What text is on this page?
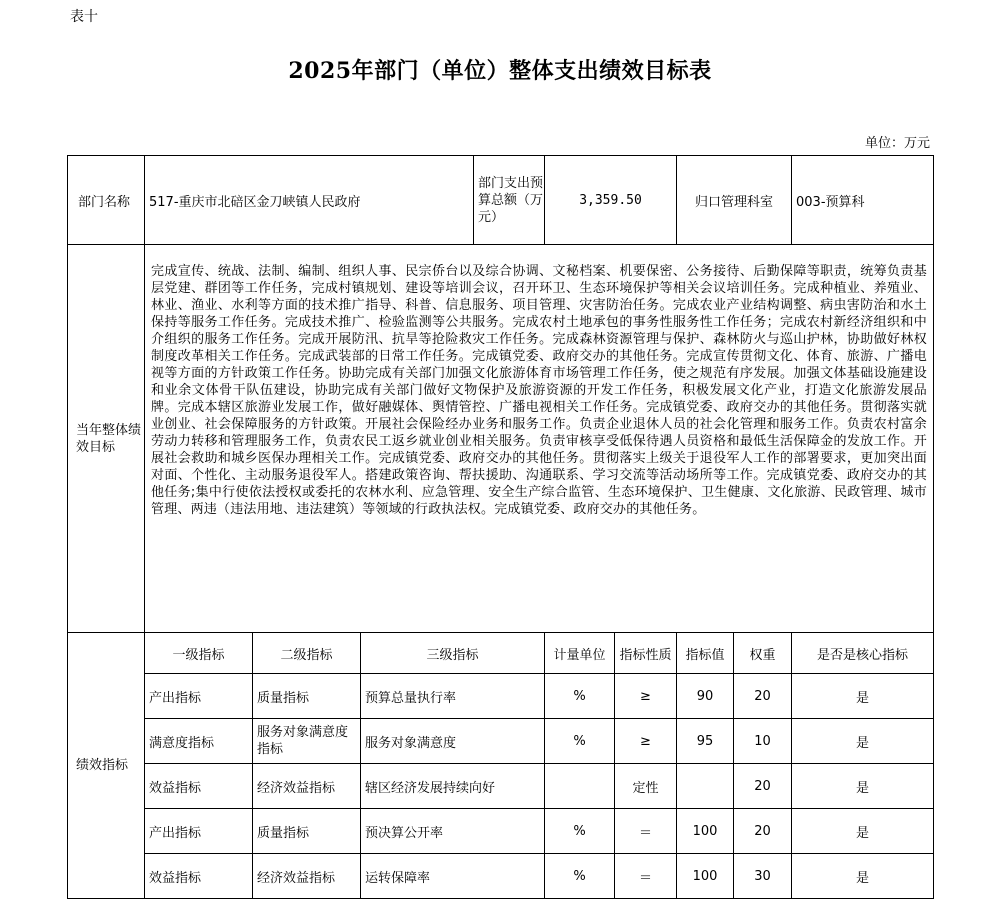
表十
2025年部门（单位）整体支出绩效目标表
单位：万元
部门名称	517-重庆市北碚区金刀峡镇人民政府			部门支出预算总额（万元）	3,359.50		归口管理科室		003-预算科
当年整体绩效目标	完成宣传、统战、法制、编制、组织人事、民宗侨台以及综合协调、文秘档案、机要保密、公务接待、后勤保障等职责，统筹负责基层党建、群团等工作任务，完成村镇规划、建设等培训会议，召开环卫、生态环境保护等相关会议培训任务。完成种植业、养殖业、林业、渔业、水利等方面的技术推广指导、科普、信息服务、项目管理、灾害防治任务。完成农业产业结构调整、病虫害防治和水土保持等服务工作任务。完成技术推广、检验监测等公共服务。完成农村土地承包的事务性服务性工作任务；完成农村新经济组织和中介组织的服务工作任务。完成开展防汛、抗旱等抢险救灾工作任务。完成森林资源管理与保护、森林防火与巡山护林，协助做好林权制度改革相关工作任务。完成武装部的日常工作任务。完成镇党委、政府交办的其他任务。完成宣传贯彻文化、体育、旅游、广播电视等方面的方针政策工作任务。协助完成有关部门加强文化旅游体育市场管理工作任务，使之规范有序发展。加强文体基础设施建设和业余文体骨干队伍建设，协助完成有关部门做好文物保护及旅游资源的开发工作任务，积极发展文化产业，打造文化旅游发展品牌。完成本辖区旅游业发展工作，做好融媒体、舆情管控、广播电视相关工作任务。完成镇党委、政府交办的其他任务。贯彻落实就业创业、社会保障服务的方针政策。开展社会保险经办业务和服务工作。负责企业退休人员的社会化管理和服务工作。负责农村富余劳动力转移和管理服务工作，负责农民工返乡就业创业相关服务。负责审核享受低保待遇人员资格和最低生活保障金的发放工作。开展社会救助和城乡医保办理相关工作。完成镇党委、政府交办的其他任务。贯彻落实上级关于退役军人工作的部署要求，更加突出面对面、个性化、主动服务退役军人。搭建政策咨询、帮扶援助、沟通联系、学习交流等活动场所等工作。完成镇党委、政府交办的其他任务;集中行使依法授权或委托的农林水利、应急管理、安全生产综合监管、生态环境保护、卫生健康、文化旅游、民政管理、城市管理、两违（违法用地、违法建筑）等领域的行政执法权。完成镇党委、政府交办的其他任务。								
绩效指标	一级指标	二级指标	三级指标		计量单位	指标性质	指标值	权重	是否是核心指标
	产出指标	质量指标	预算总量执行率		%	≥	90	20	是
	满意度指标	服务对象满意度指标	服务对象满意度		%	≥	95	10	是
	效益指标	经济效益指标	辖区经济发展持续向好			定性		20	是
	产出指标	质量指标	预决算公开率		%	＝	100	20	是
	效益指标	经济效益指标	运转保障率		%	＝	100	30	是
